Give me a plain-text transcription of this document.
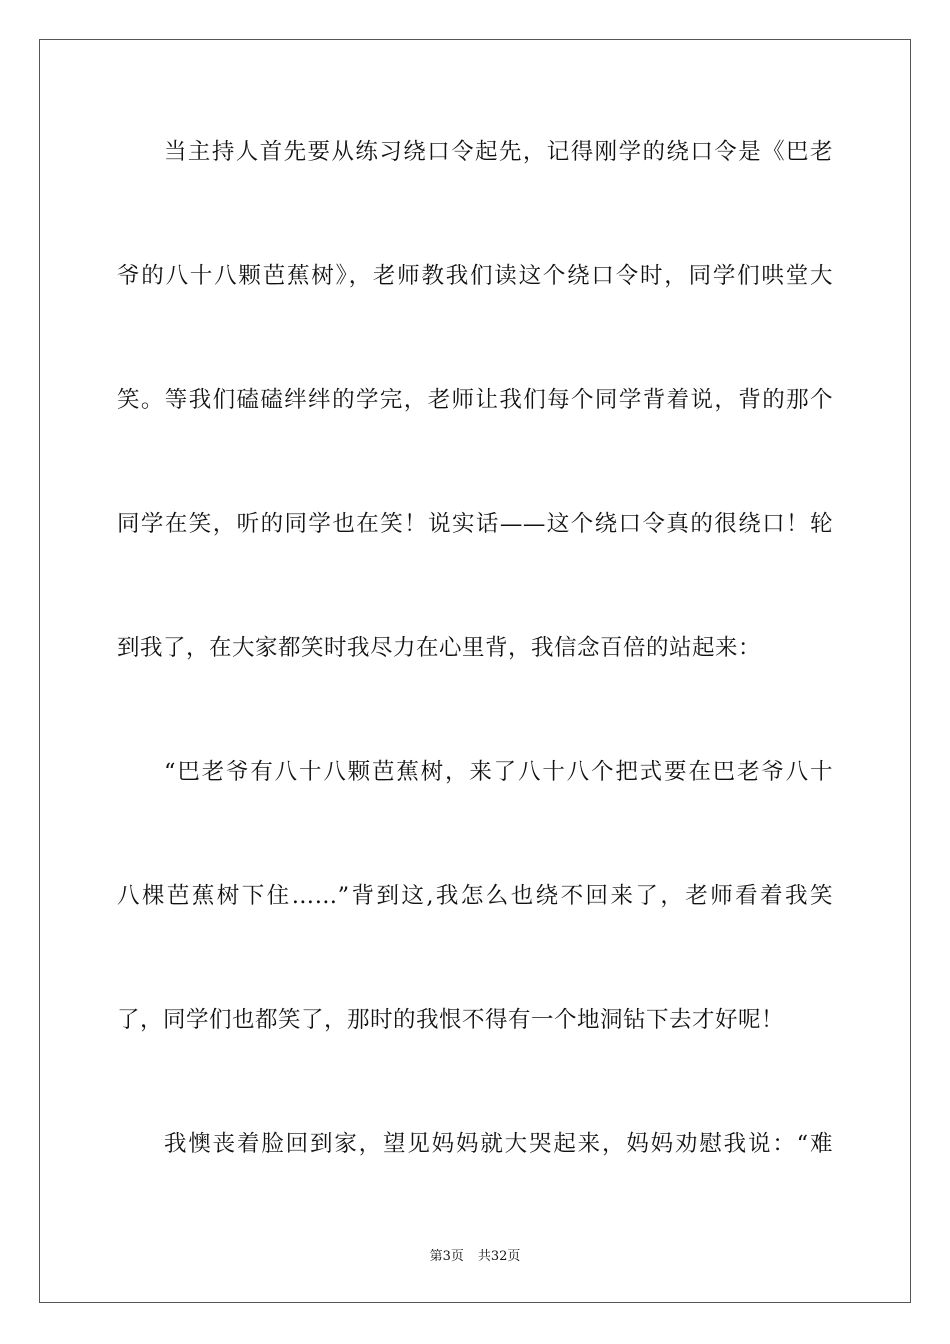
当主持人首先要从练习绕口令起先，记得刚学的绕口令是《巴老
爷的八十八颗芭蕉树》，老师教我们读这个绕口令时，同学们哄堂大
笑。等我们磕磕绊绊的学完，老师让我们每个同学背着说，背的那个
同学在笑，听的同学也在笑！说实话——这个绕口令真的很绕口！轮
到我了，在大家都笑时我尽力在心里背，我信念百倍的站起来：
“巴老爷有八十八颗芭蕉树，来了八十八个把式要在巴老爷八十
八棵芭蕉树下住……”背到这,我怎么也绕不回来了，老师看着我笑
了，同学们也都笑了，那时的我恨不得有一个地洞钻下去才好呢！
我懊丧着脸回到家，望见妈妈就大哭起来，妈妈劝慰我说：“难
第3页 共32页
